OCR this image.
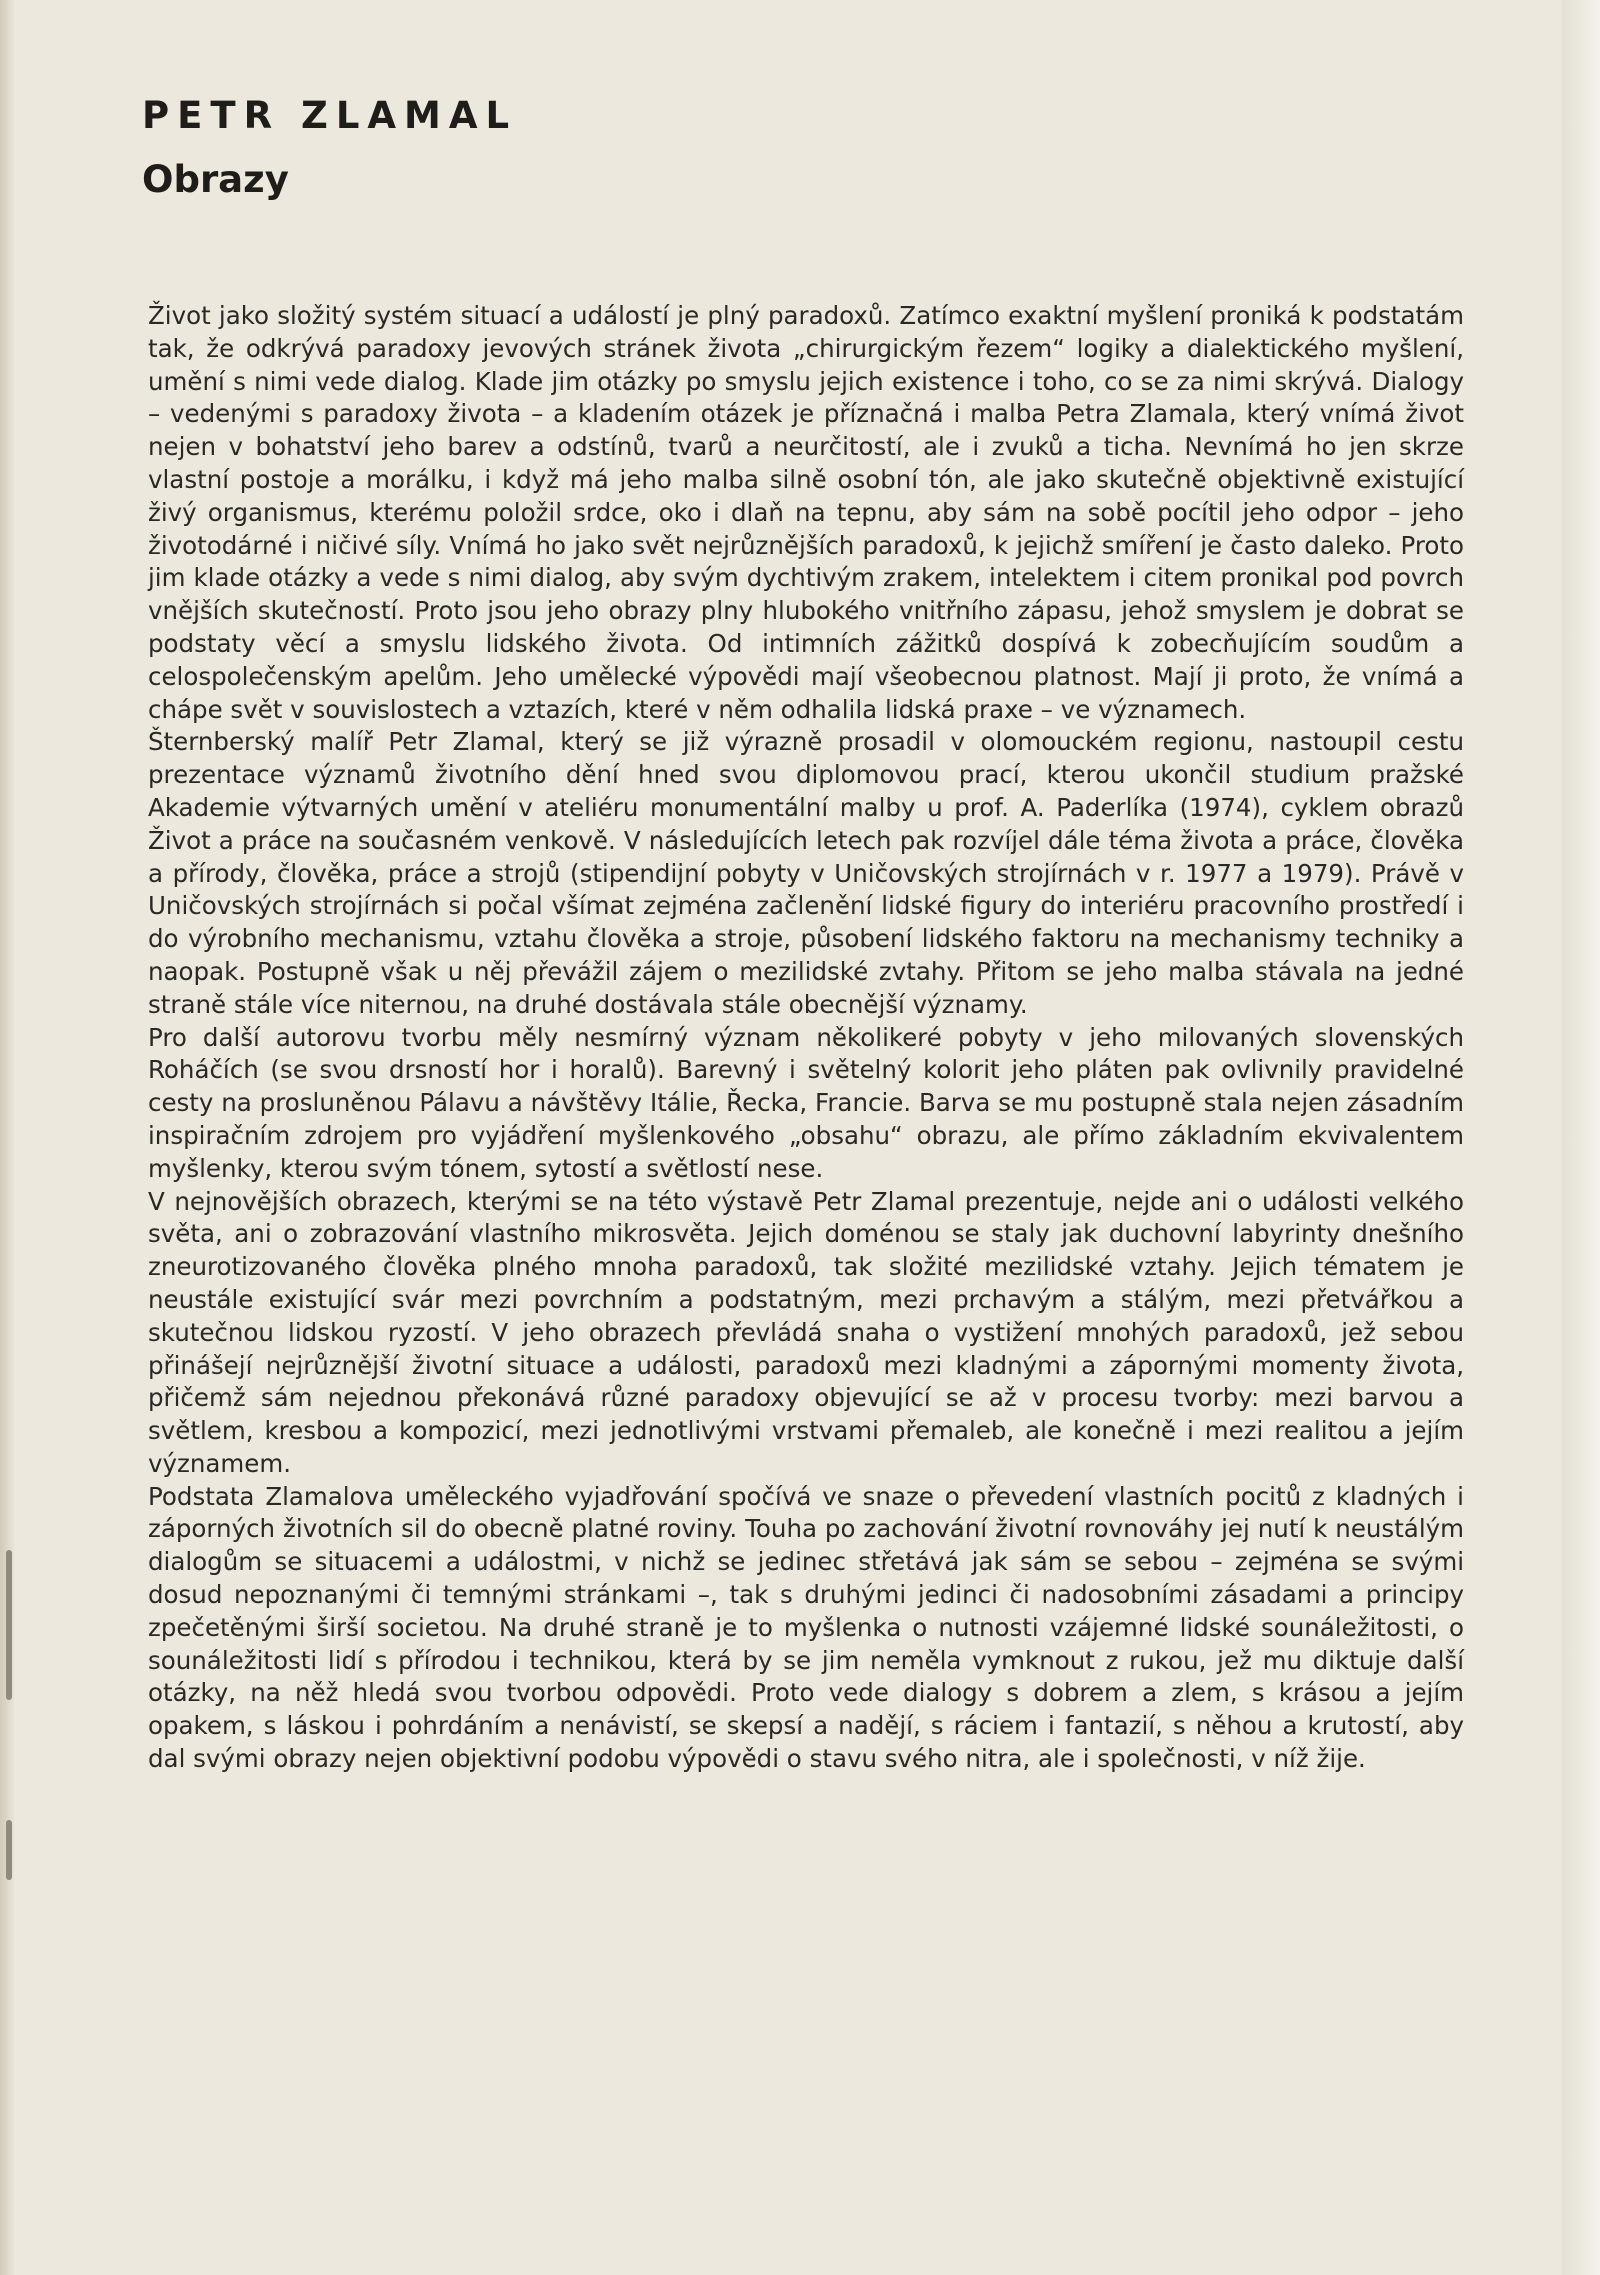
PETR ZLAMAL
Obrazy

Život jako složitý systém situací a událostí je plný paradoxů. Zatímco exaktní myšlení proniká k podstatám tak, že odkrývá paradoxy jevových stránek života „chirurgickým řezem“ logiky a dialektického myšlení, umění s nimi vede dialog. Klade jim otázky po smyslu jejich existence i toho, co se za nimi skrývá. Dialogy – vedenými s paradoxy života – a kladením otázek je příznačná i malba Petra Zlamala, který vnímá život nejen v bohatství jeho barev a odstínů, tvarů a neurčitostí, ale i zvuků a ticha. Nevnímá ho jen skrze vlastní postoje a morálku, i když má jeho malba silně osobní tón, ale jako skutečně objektivně existující živý organismus, kterému položil srdce, oko i dlaň na tepnu, aby sám na sobě pocítil jeho odpor – jeho životodárné i ničivé síly. Vnímá ho jako svět nejrůznějších paradoxů, k jejichž smíření je často daleko. Proto jim klade otázky a vede s nimi dialog, aby svým dychtivým zrakem, intelektem i citem pronikal pod povrch vnějších skutečností. Proto jsou jeho obrazy plny hlubokého vnitřního zápasu, jehož smyslem je dobrat se podstaty věcí a smyslu lidského života. Od intimních zážitků dospívá k zobecňujícím soudům a celospolečenským apelům. Jeho umělecké výpovědi mají všeobecnou platnost. Mají ji proto, že vnímá a chápe svět v souvislostech a vztazích, které v něm odhalila lidská praxe – ve významech.

Šternberský malíř Petr Zlamal, který se již výrazně prosadil v olomouckém regionu, nastoupil cestu prezentace významů životního dění hned svou diplomovou prací, kterou ukončil studium pražské Akademie výtvarných umění v ateliéru monumentální malby u prof. A. Paderlíka (1974), cyklem obrazů Život a práce na současném venkově. V následujících letech pak rozvíjel dále téma života a práce, člověka a přírody, člověka, práce a strojů (stipendijní pobyty v Uničovských strojírnách v r. 1977 a 1979). Právě v Uničovských strojírnách si počal všímat zejména začlenění lidské figury do interiéru pracovního prostředí i do výrobního mechanismu, vztahu člověka a stroje, působení lidského faktoru na mechanismy techniky a naopak. Postupně však u něj převážil zájem o mezilidské zvtahy. Přitom se jeho malba stávala na jedné straně stále více niternou, na druhé dostávala stále obecnější významy.

Pro další autorovu tvorbu měly nesmírný význam několikeré pobyty v jeho milovaných slovenských Roháčích (se svou drsností hor i horalů). Barevný i světelný kolorit jeho pláten pak ovlivnily pravidelné cesty na prosluněnou Pálavu a návštěvy Itálie, Řecka, Francie. Barva se mu postupně stala nejen zásadním inspiračním zdrojem pro vyjádření myšlenkového „obsahu“ obrazu, ale přímo základním ekvivalentem myšlenky, kterou svým tónem, sytostí a světlostí nese.

V nejnovějších obrazech, kterými se na této výstavě Petr Zlamal prezentuje, nejde ani o události velkého světa, ani o zobrazování vlastního mikrosvěta. Jejich doménou se staly jak duchovní labyrinty dnešního zneurotizovaného člověka plného mnoha paradoxů, tak složité mezilidské vztahy. Jejich tématem je neustále existující svár mezi povrchním a podstatným, mezi prchavým a stálým, mezi přetvářkou a skutečnou lidskou ryzostí. V jeho obrazech převládá snaha o vystižení mnohých paradoxů, jež sebou přinášejí nejrůznější životní situace a události, paradoxů mezi kladnými a zápornými momenty života, přičemž sám nejednou překonává různé paradoxy objevující se až v procesu tvorby: mezi barvou a světlem, kresbou a kompozicí, mezi jednotlivými vrstvami přemaleb, ale konečně i mezi realitou a jejím významem.

Podstata Zlamalova uměleckého vyjadřování spočívá ve snaze o převedení vlastních pocitů z kladných i záporných životních sil do obecně platné roviny. Touha po zachování životní rovnováhy jej nutí k neustálým dialogům se situacemi a událostmi, v nichž se jedinec střetává jak sám se sebou – zejména se svými dosud nepoznanými či temnými stránkami –, tak s druhými jedinci či nadosobními zásadami a principy zpečetěnými širší societou. Na druhé straně je to myšlenka o nutnosti vzájemné lidské sounáležitosti, o sounáležitosti lidí s přírodou i technikou, která by se jim neměla vymknout z rukou, jež mu diktuje další otázky, na něž hledá svou tvorbou odpovědi. Proto vede dialogy s dobrem a zlem, s krásou a jejím opakem, s láskou i pohrdáním a nenávistí, se skepsí a nadějí, s ráciem i fantazií, s něhou a krutostí, aby dal svými obrazy nejen objektivní podobu výpovědi o stavu svého nitra, ale i společnosti, v níž žije.
